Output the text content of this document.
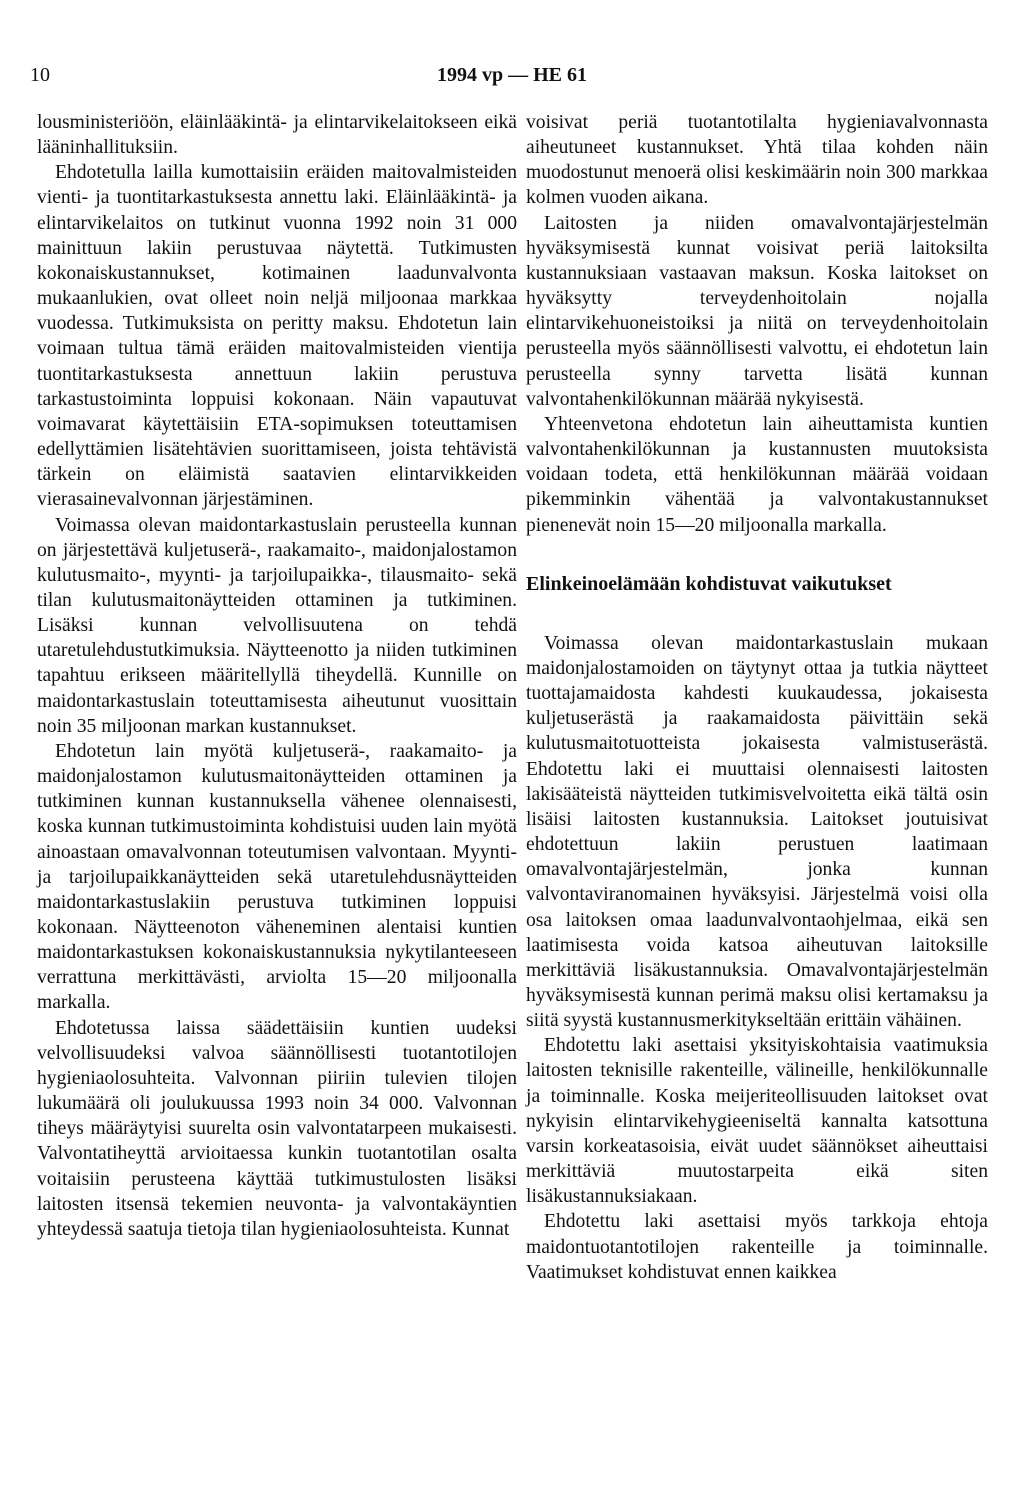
10	1994 vp — HE 61

lousministeriöön, eläinlääkintä- ja elintarvikelaitokseen eikä lääninhallituksiin.

Ehdotetulla lailla kumottaisiin eräiden maitovalmisteiden vienti- ja tuontitarkastuksesta annettu laki. Eläinlääkintä- ja elintarvikelaitos on tutkinut vuonna 1992 noin 31 000 mainittuun lakiin perustuvaa näytettä. Tutkimusten kokonaiskustannukset, kotimainen laadunvalvonta mukaanlukien, ovat olleet noin neljä miljoonaa markkaa vuodessa. Tutkimuksista on peritty maksu. Ehdotetun lain voimaan tultua tämä eräiden maitovalmisteiden vientija tuontitarkastuksesta annettuun lakiin perustuva tarkastustoiminta loppuisi kokonaan. Näin vapautuvat voimavarat käytettäisiin ETA-sopimuksen toteuttamisen edellyttämien lisätehtävien suorittamiseen, joista tehtävistä tärkein on eläimistä saatavien elintarvikkeiden vierasainevalvonnan järjestäminen.

Voimassa olevan maidontarkastuslain perusteella kunnan on järjestettävä kuljetuserä-, raakamaito-, maidonjalostamon kulutusmaito-, myynti- ja tarjoilupaikka-, tilausmaito- sekä tilan kulutusmaitonäytteiden ottaminen ja tutkiminen. Lisäksi kunnan velvollisuutena on tehdä utaretulehdustutkimuksia. Näytteenotto ja niiden tutkiminen tapahtuu erikseen määritellyllä tiheydellä. Kunnille on maidontarkastuslain toteuttamisesta aiheutunut vuosittain noin 35 miljoonan markan kustannukset.

Ehdotetun lain myötä kuljetuserä-, raakamaito- ja maidonjalostamon kulutusmaitonäytteiden ottaminen ja tutkiminen kunnan kustannuksella vähenee olennaisesti, koska kunnan tutkimustoiminta kohdistuisi uuden lain myötä ainoastaan omavalvonnan toteutumisen valvontaan. Myynti- ja tarjoilupaikkanäytteiden sekä utaretulehdusnäytteiden maidontarkastuslakiin perustuva tutkiminen loppuisi kokonaan. Näytteenoton väheneminen alentaisi kuntien maidontarkastuksen kokonaiskustannuksia nykytilanteeseen verrattuna merkittävästi, arviolta 15—20 miljoonalla markalla.

Ehdotetussa laissa säädettäisiin kuntien uudeksi velvollisuudeksi valvoa säännöllisesti tuotantotilojen hygieniaolosuhteita. Valvonnan piiriin tulevien tilojen lukumäärä oli joulukuussa 1993 noin 34 000. Valvonnan tiheys määräytyisi suurelta osin valvontatarpeen mukaisesti. Valvontatiheyttä arvioitaessa kunkin tuotantotilan osalta voitaisiin perusteena käyttää tutkimustulosten lisäksi laitosten itsensä tekemien neuvonta- ja valvontakäyntien yhteydessä saatuja tietoja tilan hygieniaolosuhteista. Kunnat

voisivat periä tuotantotilalta hygieniavalvonnasta aiheutuneet kustannukset. Yhtä tilaa kohden näin muodostunut menoerä olisi keskimäärin noin 300 markkaa kolmen vuoden aikana.

Laitosten ja niiden omavalvontajärjestelmän hyväksymisestä kunnat voisivat periä laitoksilta kustannuksiaan vastaavan maksun. Koska laitokset on hyväksytty terveydenhoitolain nojalla elintarvikehuoneistoiksi ja niitä on terveydenhoitolain perusteella myös säännöllisesti valvottu, ei ehdotetun lain perusteella synny tarvetta lisätä kunnan valvontahenkilökunnan määrää nykyisestä.

Yhteenvetona ehdotetun lain aiheuttamista kuntien valvontahenkilökunnan ja kustannusten muutoksista voidaan todeta, että henkilökunnan määrää voidaan pikemminkin vähentää ja valvontakustannukset pienenevät noin 15—20 miljoonalla markalla.

Elinkeinoelämään kohdistuvat vaikutukset

Voimassa olevan maidontarkastuslain mukaan maidonjalostamoiden on täytynyt ottaa ja tutkia näytteet tuottajamaidosta kahdesti kuukaudessa, jokaisesta kuljetuserästä ja raakamaidosta päivittäin sekä kulutusmaitotuotteista jokaisesta valmistuserästä. Ehdotettu laki ei muuttaisi olennaisesti laitosten lakisääteistä näytteiden tutkimisvelvoitetta eikä tältä osin lisäisi laitosten kustannuksia. Laitokset joutuisivat ehdotettuun lakiin perustuen laatimaan omavalvontajärjestelmän, jonka kunnan valvontaviranomainen hyväksyisi. Järjestelmä voisi olla osa laitoksen omaa laadunvalvontaohjelmaa, eikä sen laatimisesta voida katsoa aiheutuvan laitoksille merkittäviä lisäkustannuksia. Omavalvontajärjestelmän hyväksymisestä kunnan perimä maksu olisi kertamaksu ja siitä syystä kustannusmerkitykseltään erittäin vähäinen.

Ehdotettu laki asettaisi yksityiskohtaisia vaatimuksia laitosten teknisille rakenteille, välineille, henkilökunnalle ja toiminnalle. Koska meijeriteollisuuden laitokset ovat nykyisin elintarvikehygieeniseltä kannalta katsottuna varsin korkeatasoisia, eivät uudet säännökset aiheuttaisi merkittäviä muutostarpeita eikä siten lisäkustannuksiakaan.

Ehdotettu laki asettaisi myös tarkkoja ehtoja maidontuotantotilojen rakenteille ja toiminnalle. Vaatimukset kohdistuvat ennen kaikkea
